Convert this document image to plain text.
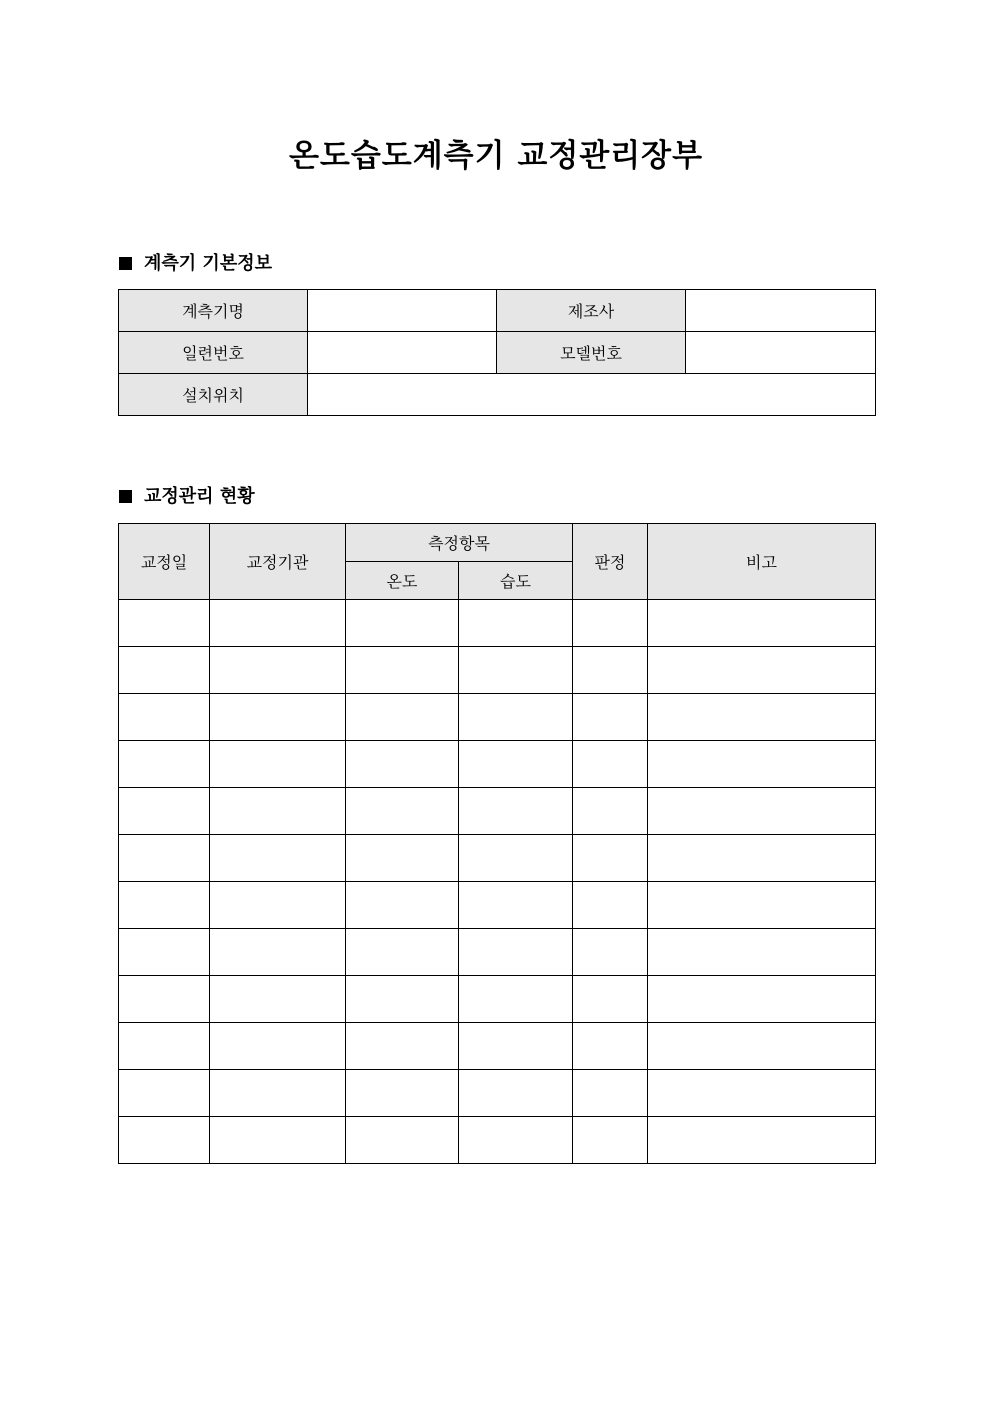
온도습도계측기 교정관리장부
계측기 기본정보
계측기명		제조사	
일련번호		모델번호	
설치위치			
교정관리 현황
교정일	교정기관	측정항목		판정	비고
		온도	습도		
